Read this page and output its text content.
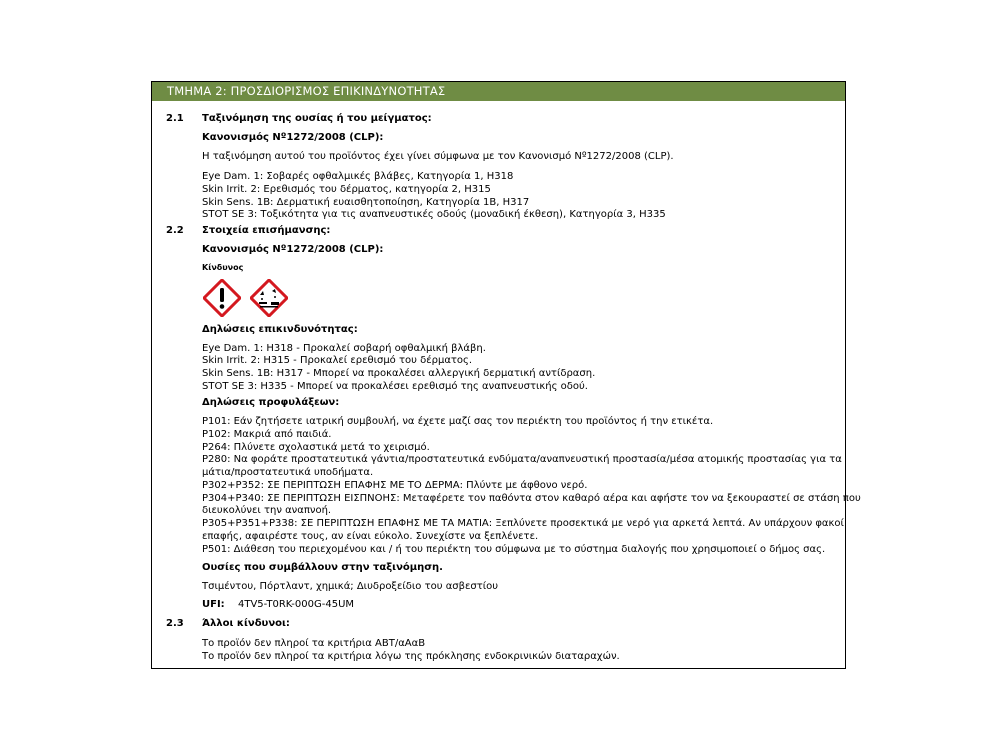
ΤΜΗΜΑ 2: ΠΡΟΣΔΙΟΡΙΣΜΟΣ ΕΠΙΚΙΝΔΥΝΟΤΗΤΑΣ
2.1 Ταξινόμηση της ουσίας ή του μείγματος:
Κανονισμός Nº1272/2008 (CLP):
Η ταξινόμηση αυτού του προϊόντος έχει γίνει σύμφωνα με τον Κανονισμό Nº1272/2008 (CLP).
Eye Dam. 1: Σοβαρές οφθαλμικές βλάβες, Κατηγορία 1, H318
Skin Irrit. 2: Ερεθισμός του δέρματος, κατηγορία 2, H315
Skin Sens. 1B: Δερματική ευαισθητοποίηση, Κατηγορία 1B, H317
STOT SE 3: Τοξικότητα για τις αναπνευστικές οδούς (μοναδική έκθεση), Κατηγορία 3, H335
2.2 Στοιχεία επισήμανσης:
Κανονισμός Nº1272/2008 (CLP):
Κίνδυνος
Δηλώσεις επικινδυνότητας:
Eye Dam. 1: H318 - Προκαλεί σοβαρή οφθαλμική βλάβη.
Skin Irrit. 2: H315 - Προκαλεί ερεθισμό του δέρματος.
Skin Sens. 1B: H317 - Μπορεί να προκαλέσει αλλεργική δερματική αντίδραση.
STOT SE 3: H335 - Μπορεί να προκαλέσει ερεθισμό της αναπνευστικής οδού.
Δηλώσεις προφυλάξεων:
P101: Εάν ζητήσετε ιατρική συμβουλή, να έχετε μαζί σας τον περιέκτη του προϊόντος ή την ετικέτα.
P102: Μακριά από παιδιά.
P264: Πλύνετε σχολαστικά μετά το χειρισμό.
P280: Να φοράτε προστατευτικά γάντια/προστατευτικά ενδύματα/αναπνευστική προστασία/μέσα ατομικής προστασίας για τα
μάτια/προστατευτικά υποδήματα.
P302+P352: ΣΕ ΠΕΡΙΠΤΩΣΗ ΕΠΑΦΗΣ ΜΕ ΤΟ ΔΕΡΜΑ: Πλύντε με άφθονο νερό.
P304+P340: ΣΕ ΠΕΡΙΠΤΩΣΗ ΕΙΣΠΝΟΗΣ: Μεταφέρετε τον παθόντα στον καθαρό αέρα και αφήστε τον να ξεκουραστεί σε στάση που
διευκολύνει την αναπνοή.
P305+P351+P338: ΣΕ ΠΕΡΙΠΤΩΣΗ ΕΠΑΦΗΣ ΜΕ ΤΑ ΜΑΤΙΑ: Ξεπλύνετε προσεκτικά με νερό για αρκετά λεπτά. Αν υπάρχουν φακοί
επαφής, αφαιρέστε τους, αν είναι εύκολο. Συνεχίστε να ξεπλένετε.
P501: Διάθεση του περιεχομένου και / ή του περιέκτη του σύμφωνα με το σύστημα διαλογής που χρησιμοποιεί ο δήμος σας.
Ουσίες που συμβάλλουν στην ταξινόμηση.
Τσιμέντου, Πόρτλαντ, χημικά; Διυδροξείδιο του ασβεστίου
UFI: 4TV5-T0RK-000G-45UM
2.3 Άλλοι κίνδυνοι:
Το προϊόν δεν πληροί τα κριτήρια ΑΒΤ/αΑαΒ
Το προϊόν δεν πληροί τα κριτήρια λόγω της πρόκλησης ενδοκρινικών διαταραχών.
